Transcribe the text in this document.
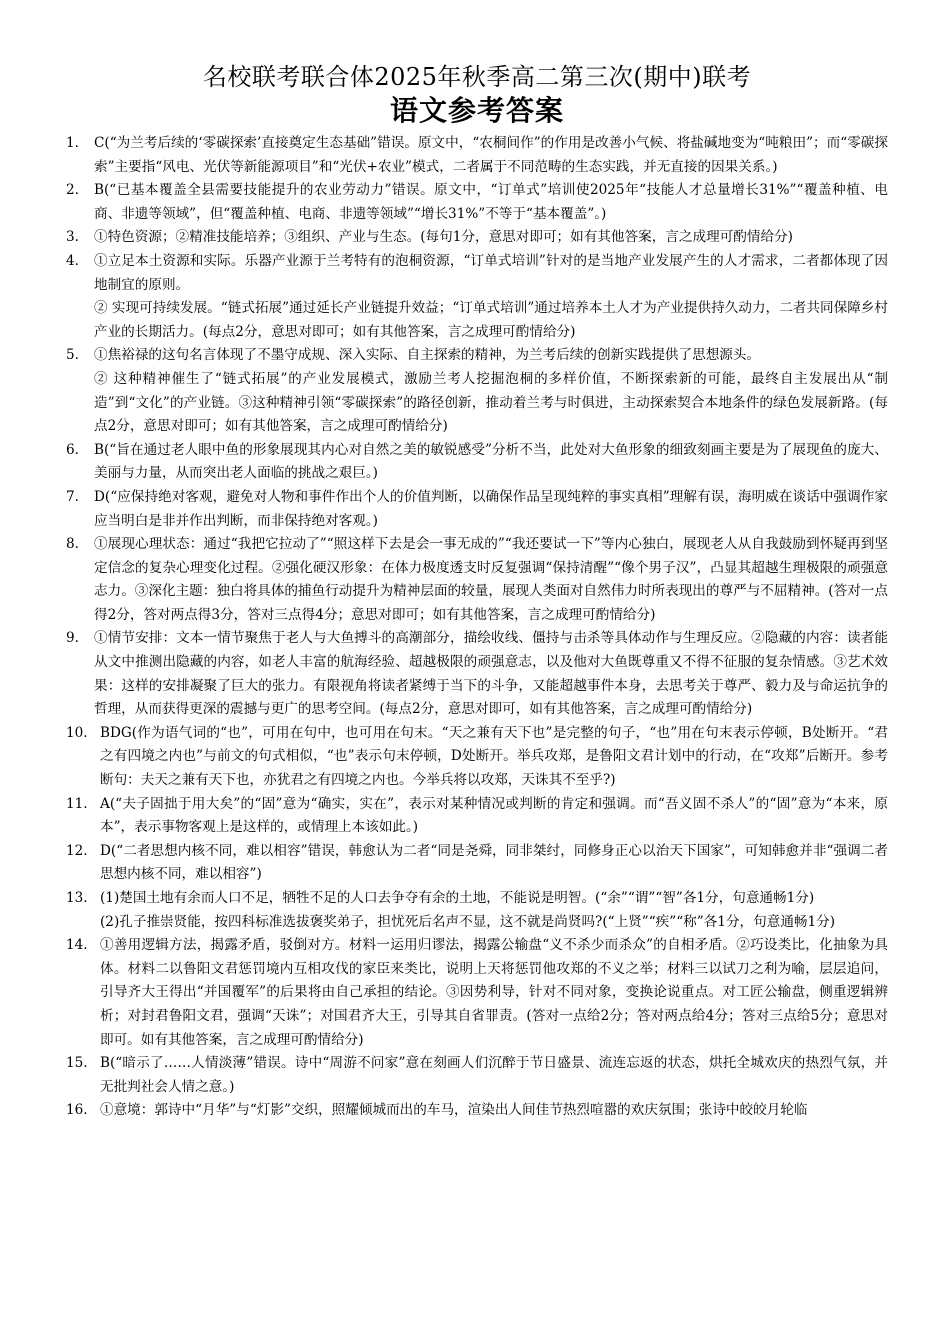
名校联考联合体2025年秋季高二第三次(期中)联考
语文参考答案
1. C(“为兰考后续的‘零碳探索’直接奠定生态基础”错误。原文中，“农桐间作”的作用是改善小气候、将盐碱地变为“吨粮田”；而“零碳探索”主要指“风电、光伏等新能源项目”和“光伏+农业”模式，二者属于不同范畴的生态实践，并无直接的因果关系。)
2. B(“已基本覆盖全县需要技能提升的农业劳动力”错误。原文中，“订单式”培训使2025年“技能人才总量增长31%”“覆盖种植、电商、非遗等领域”，但“覆盖种植、电商、非遗等领域”“增长31%”不等于“基本覆盖”。)
3. ①特色资源；②精准技能培养；③组织、产业与生态。(每句1分，意思对即可；如有其他答案，言之成理可酌情给分)
4. ①立足本土资源和实际。乐器产业源于兰考特有的泡桐资源，“订单式培训”针对的是当地产业发展产生的人才需求，二者都体现了因地制宜的原则。
② 实现可持续发展。“链式拓展”通过延长产业链提升效益；“订单式培训”通过培养本土人才为产业提供持久动力，二者共同保障乡村产业的长期活力。(每点2分，意思对即可；如有其他答案，言之成理可酌情给分)
5. ①焦裕禄的这句名言体现了不墨守成规、深入实际、自主探索的精神，为兰考后续的创新实践提供了思想源头。
② 这种精神催生了“链式拓展”的产业发展模式，激励兰考人挖掘泡桐的多样价值，不断探索新的可能，最终自主发展出从“制造”到“文化”的产业链。③这种精神引领“零碳探索”的路径创新，推动着兰考与时俱进，主动探索契合本地条件的绿色发展新路。(每点2分，意思对即可；如有其他答案，言之成理可酌情给分)
6. B(“旨在通过老人眼中鱼的形象展现其内心对自然之美的敏锐感受”分析不当，此处对大鱼形象的细致刻画主要是为了展现鱼的庞大、美丽与力量，从而突出老人面临的挑战之艰巨。)
7. D(“应保持绝对客观，避免对人物和事件作出个人的价值判断，以确保作品呈现纯粹的事实真相”理解有误，海明威在谈话中强调作家应当明白是非并作出判断，而非保持绝对客观。)
8. ①展现心理状态：通过“我把它拉动了”“照这样下去是会一事无成的”“我还要试一下”等内心独白，展现老人从自我鼓励到怀疑再到坚定信念的复杂心理变化过程。②强化硬汉形象：在体力极度透支时反复强调“保持清醒”“像个男子汉”，凸显其超越生理极限的顽强意志力。③深化主题：独白将具体的捕鱼行动提升为精神层面的较量，展现人类面对自然伟力时所表现出的尊严与不屈精神。(答对一点得2分，答对两点得3分，答对三点得4分；意思对即可；如有其他答案，言之成理可酌情给分)
9. ①情节安排：文本一情节聚焦于老人与大鱼搏斗的高潮部分，描绘收线、僵持与击杀等具体动作与生理反应。②隐藏的内容：读者能从文中推测出隐藏的内容，如老人丰富的航海经验、超越极限的顽强意志，以及他对大鱼既尊重又不得不征服的复杂情感。③艺术效果：这样的安排凝聚了巨大的张力。有限视角将读者紧缚于当下的斗争，又能超越事件本身，去思考关于尊严、毅力及与命运抗争的哲理，从而获得更深的震撼与更广的思考空间。(每点2分，意思对即可，如有其他答案，言之成理可酌情给分)
10. BDG(作为语气词的“也”，可用在句中，也可用在句末。“天之兼有天下也”是完整的句子，“也”用在句末表示停顿，B处断开。“君之有四境之内也”与前文的句式相似，“也”表示句末停顿，D处断开。举兵攻郑，是鲁阳文君计划中的行动，在“攻郑”后断开。参考断句：夫天之兼有天下也，亦犹君之有四境之内也。今举兵将以攻郑，天诛其不至乎?)
11. A(“夫子固拙于用大矣”的“固”意为“确实，实在”，表示对某种情况或判断的肯定和强调。而“吾义固不杀人”的“固”意为“本来，原本”，表示事物客观上是这样的，或情理上本该如此。)
12. D(“二者思想内核不同，难以相容”错误，韩愈认为二者“同是尧舜，同非桀纣，同修身正心以治天下国家”，可知韩愈并非“强调二者思想内核不同，难以相容”)
13. (1)楚国土地有余而人口不足，牺牲不足的人口去争夺有余的土地，不能说是明智。(“余”“谓”“智”各1分，句意通畅1分)
(2)孔子推崇贤能，按四科标准选拔褒奖弟子，担忧死后名声不显，这不就是尚贤吗?(“上贤”“疾”“称”各1分，句意通畅1分)
14. ①善用逻辑方法，揭露矛盾，驳倒对方。材料一运用归谬法，揭露公输盘“义不杀少而杀众”的自相矛盾。②巧设类比，化抽象为具体。材料二以鲁阳文君惩罚境内互相攻伐的家臣来类比，说明上天将惩罚他攻郑的不义之举；材料三以试刀之利为喻，层层追问，引导齐大王得出“并国覆军”的后果将由自己承担的结论。③因势利导，针对不同对象，变换论说重点。对工匠公输盘，侧重逻辑辨析；对封君鲁阳文君，强调“天诛”；对国君齐大王，引导其自省罪责。(答对一点给2分；答对两点给4分；答对三点给5分；意思对即可。如有其他答案，言之成理可酌情给分)
15. B(“暗示了……人情淡薄”错误。诗中“周游不问家”意在刻画人们沉醉于节日盛景、流连忘返的状态，烘托全城欢庆的热烈气氛，并无批判社会人情之意。)
16. ①意境：郭诗中“月华”与“灯影”交织，照耀倾城而出的车马，渲染出人间佳节热烈喧嚣的欢庆氛围；张诗中皎皎月轮临
